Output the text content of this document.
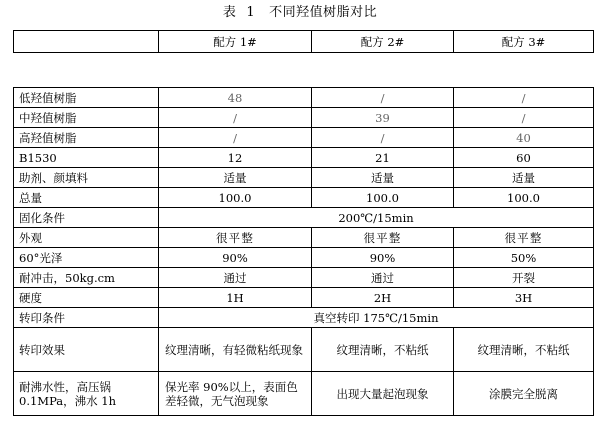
表 1 不同羟值树脂对比
	配方 1#	配方 2#	配方 3#

低羟值树脂	48	/	/
中羟值树脂	/	39	/
高羟值树脂	/	/	40
B1530	12	21	60
助剂、颜填料	适量	适量	适量
总量	100.0	100.0	100.0
固化条件	200℃/15min		
外观	很平整	很平整	很平整
60°光泽	90%	90%	50%
耐冲击，50kg.cm	通过	通过	开裂
硬度	1H	2H	3H
转印条件	真空转印 175℃/15min		
转印效果	纹理清晰，有轻微粘纸现象	纹理清晰，不粘纸	纹理清晰，不粘纸
耐沸水性，高压锅 0.1MPa，沸水 1h	保光率 90%以上，表面色差轻微，无气泡现象	出现大量起泡现象	涂膜完全脱离
